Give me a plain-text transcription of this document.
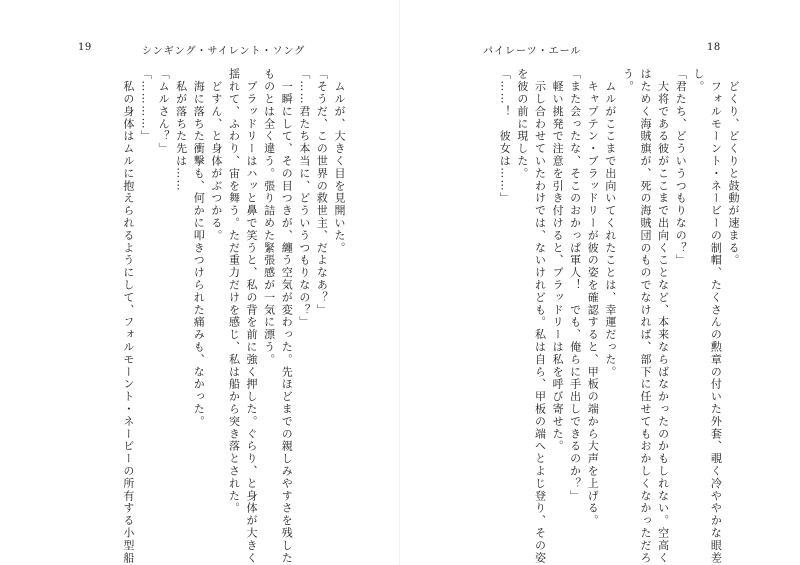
19	シンギング・サイレント・ソング
　ムルが、大きく目を見開いた。
「そうだ、この世界の救世主、だよなあ？」
「……君たち本当に、どういうつもりなの？」
　一瞬にして、その目つきが、纏う空気が変わった。先ほどまでの親しみやすさを残した
ものとは全く違う。張り詰めた緊張感が一気に漂う。
　ブラッドリーはハッと鼻で笑うと、私の背を前に強く押した。ぐらり、と身体が大きく
揺れて、ふわり、宙を舞う。ただ重力だけを感じ、私は船から突き落とされた。
　どすん、と身体がぶつかる。
　海に落ちた衝撃も、何かに叩きつけられた痛みも、なかった。
　私が落ちた先は……
「ムルさん？」
「…………」
　私の身体はムルに抱えられるようにして、フォルモーント・ネービーの所有する小型船
パイレーツ・エール	18
　どくり、どくりと鼓動が速まる。
　フォルモーント・ネービーの制帽、たくさんの勲章の付いた外套、覗く冷ややかな眼差
し。
「君たち、どういうつもりなの？」
　大将である彼がここまで出向くことなど、本来ならばなかったのかもしれない。空高く
はためく海賊旗が、死の海賊団のものでなければ、部下に任せてもおかしくなかっただろ
う。
　ムルがここまで出向いてくれたことは、幸運だった。
　キャプテン・ブラッドリーが彼の姿を確認すると、甲板の端から大声を上げる。
「また会ったな、そこのおかっぱ軍人！　でも、俺らに手出しできるのか？」
　軽い挑発で注意を引き付けると、ブラッドリーは私を呼び寄せた。
　示し合わせていたわけでは、ないけれども。私は自ら、甲板の端へとよじ登り、その姿
を彼の前に現した。
「……！　彼女は……」
